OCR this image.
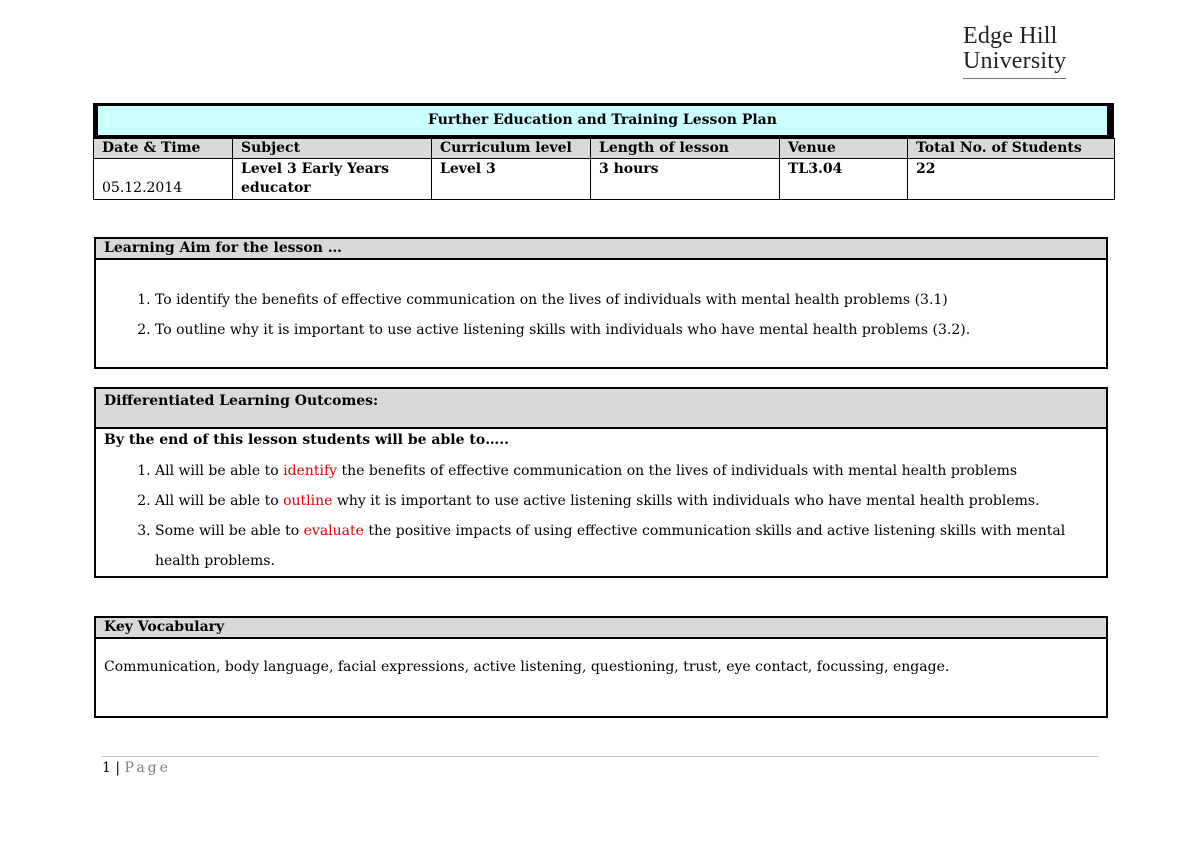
Edge Hill
University
Further Education and Training Lesson Plan
Date & Time	Subject	Curriculum level	Length of lesson	Venue	Total No. of Students
05.12.2014	Level 3 Early Years educator	Level 3	3 hours	TL3.04	22
Learning Aim for the lesson …
1. To identify the benefits of effective communication on the lives of individuals with mental health problems (3.1)
2. To outline why it is important to use active listening skills with individuals who have mental health problems (3.2).
Differentiated Learning Outcomes:
By the end of this lesson students will be able to…..
1. All will be able to identify the benefits of effective communication on the lives of individuals with mental health problems
2. All will be able to outline why it is important to use active listening skills with individuals who have mental health problems.
3. Some will be able to evaluate the positive impacts of using effective communication skills and active listening skills with mental health problems.
Key Vocabulary
Communication, body language, facial expressions, active listening, questioning, trust, eye contact, focussing, engage.
1 | Page
